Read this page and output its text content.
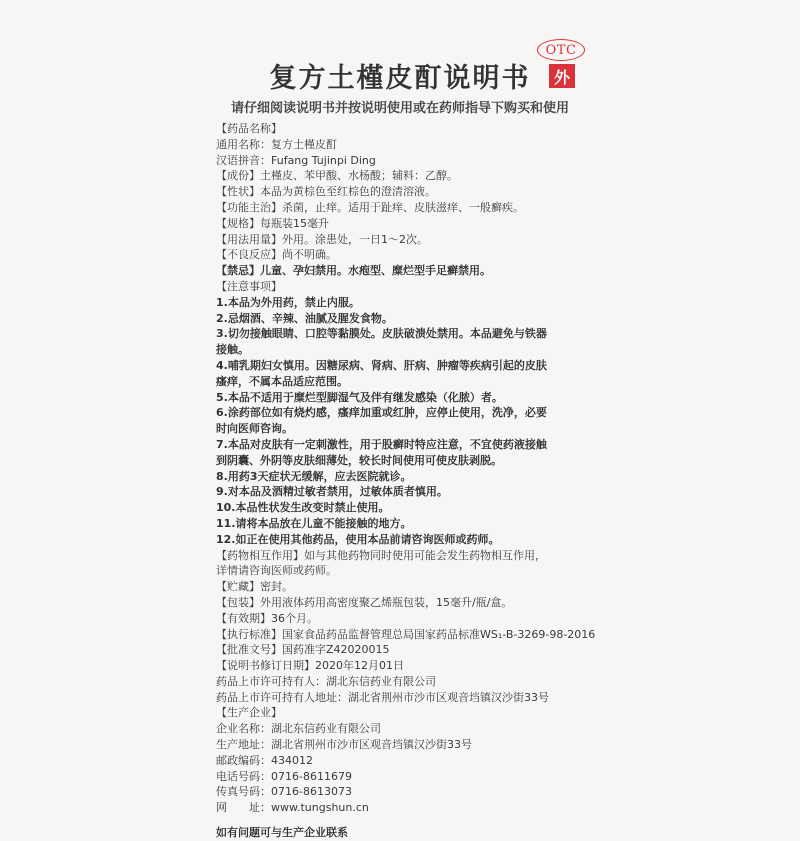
OTC
外
复方土槿皮酊说明书
请仔细阅读说明书并按说明使用或在药师指导下购买和使用
【药品名称】
通用名称：复方土槿皮酊
汉语拼音：Fufang Tujinpi Ding
【成份】土槿皮、苯甲酸、水杨酸；辅料：乙醇。
【性状】本品为黄棕色至红棕色的澄清溶液。
【功能主治】杀菌，止痒。适用于趾痒、皮肤滋痒、一般癣疾。
【规格】每瓶装15毫升
【用法用量】外用。涂患处，一日1～2次。
【不良反应】尚不明确。
【禁忌】儿童、孕妇禁用。水疱型、糜烂型手足癣禁用。
【注意事项】
1.本品为外用药，禁止内服。
2.忌烟酒、辛辣、油腻及腥发食物。
3.切勿接触眼睛、口腔等黏膜处。皮肤破溃处禁用。本品避免与铁器
接触。
4.哺乳期妇女慎用。因糖尿病、肾病、肝病、肿瘤等疾病引起的皮肤
瘙痒，不属本品适应范围。
5.本品不适用于糜烂型脚湿气及伴有继发感染（化脓）者。
6.涂药部位如有烧灼感，瘙痒加重或红肿，应停止使用，洗净，必要
时向医师咨询。
7.本品对皮肤有一定刺激性，用于股癣时特应注意，不宜使药液接触
到阴囊、外阴等皮肤细薄处，较长时间使用可使皮肤剥脱。
8.用药3天症状无缓解，应去医院就诊。
9.对本品及酒精过敏者禁用，过敏体质者慎用。
10.本品性状发生改变时禁止使用。
11.请将本品放在儿童不能接触的地方。
12.如正在使用其他药品，使用本品前请咨询医师或药师。
【药物相互作用】如与其他药物同时使用可能会发生药物相互作用，
详情请咨询医师或药师。
【贮藏】密封。
【包装】外用液体药用高密度聚乙烯瓶包装，15毫升/瓶/盒。
【有效期】36个月。
【执行标准】国家食品药品监督管理总局国家药品标准WS₁-B-3269-98-2016
【批准文号】国药准字Z42020015
【说明书修订日期】2020年12月01日
药品上市许可持有人：湖北东信药业有限公司
药品上市许可持有人地址：湖北省荆州市沙市区观音垱镇汉沙街33号
【生产企业】
企业名称：湖北东信药业有限公司
生产地址：湖北省荆州市沙市区观音垱镇汉沙街33号
邮政编码：434012
电话号码：0716-8611679
传真号码：0716-8613073
网　　址：www.tungshun.cn
如有问题可与生产企业联系
